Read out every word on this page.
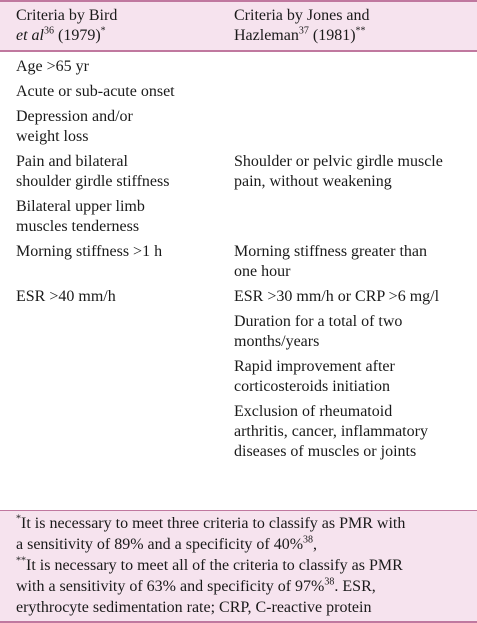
Criteria by Bird
et $al^{36}$ (1979)*
Criteria by Jones and
Hazleman$^{37}$ (1981)**
Age >65 yr
Acute or sub-acute onset
Depression and/or
weight loss
Pain and bilateral
shoulder girdle stiffness
Shoulder or pelvic girdle muscle
pain, without weakening
Bilateral upper limb
muscles tenderness
Morning stiffness >1 h	Morning stiffness greater than
one hour
ESR >40 mm/h	ESR >30 mm/h or CRP >6 mg/l
Duration for a total of two
months/years
Rapid improvement after
corticosteroids initiation
Exclusion of rheumatoid
arthritis, cancer, inflammatory
diseases of muscles or joints
*It is necessary to meet three criteria to classify as PMR with
a sensitivity of 89% and a specificity of 40%$^{38}$,
**It is necessary to meet all of the criteria to classify as PMR
with a sensitivity of 63% and specificity of 97%$^{38}$. ESR,
erythrocyte sedimentation rate; CRP, C-reactive protein
